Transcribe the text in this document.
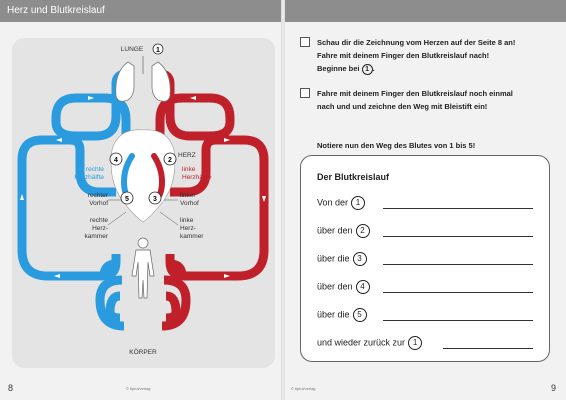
Herz und Blutkreislauf
1
2
3
4
5
LUNGE
HERZ
rechte
Herzhälfte
linke
Herzhälfte
rechter
Vorhof
linker
Vorhof
rechte
Herz-
kammer
linke
Herz-
kammer
KÖRPER
8	© tiptoi/verlag
Schau dir die Zeichnung vom Herzen auf der Seite 8 an!
Fahre mit deinem Finger den Blutkreislauf nach!
Beginne bei 1 .
Fahre mit deinem Finger den Blutkreislauf noch einmal
nach und und zeichne den Weg mit Bleistift ein!
Notiere nun den Weg des Blutes von 1 bis 5!
Der Blutkreislauf
Von der 1
über den 2
über die 3
über den 4
über die 5
und wieder zurück zur 1
© tiptoi/verlag	9
